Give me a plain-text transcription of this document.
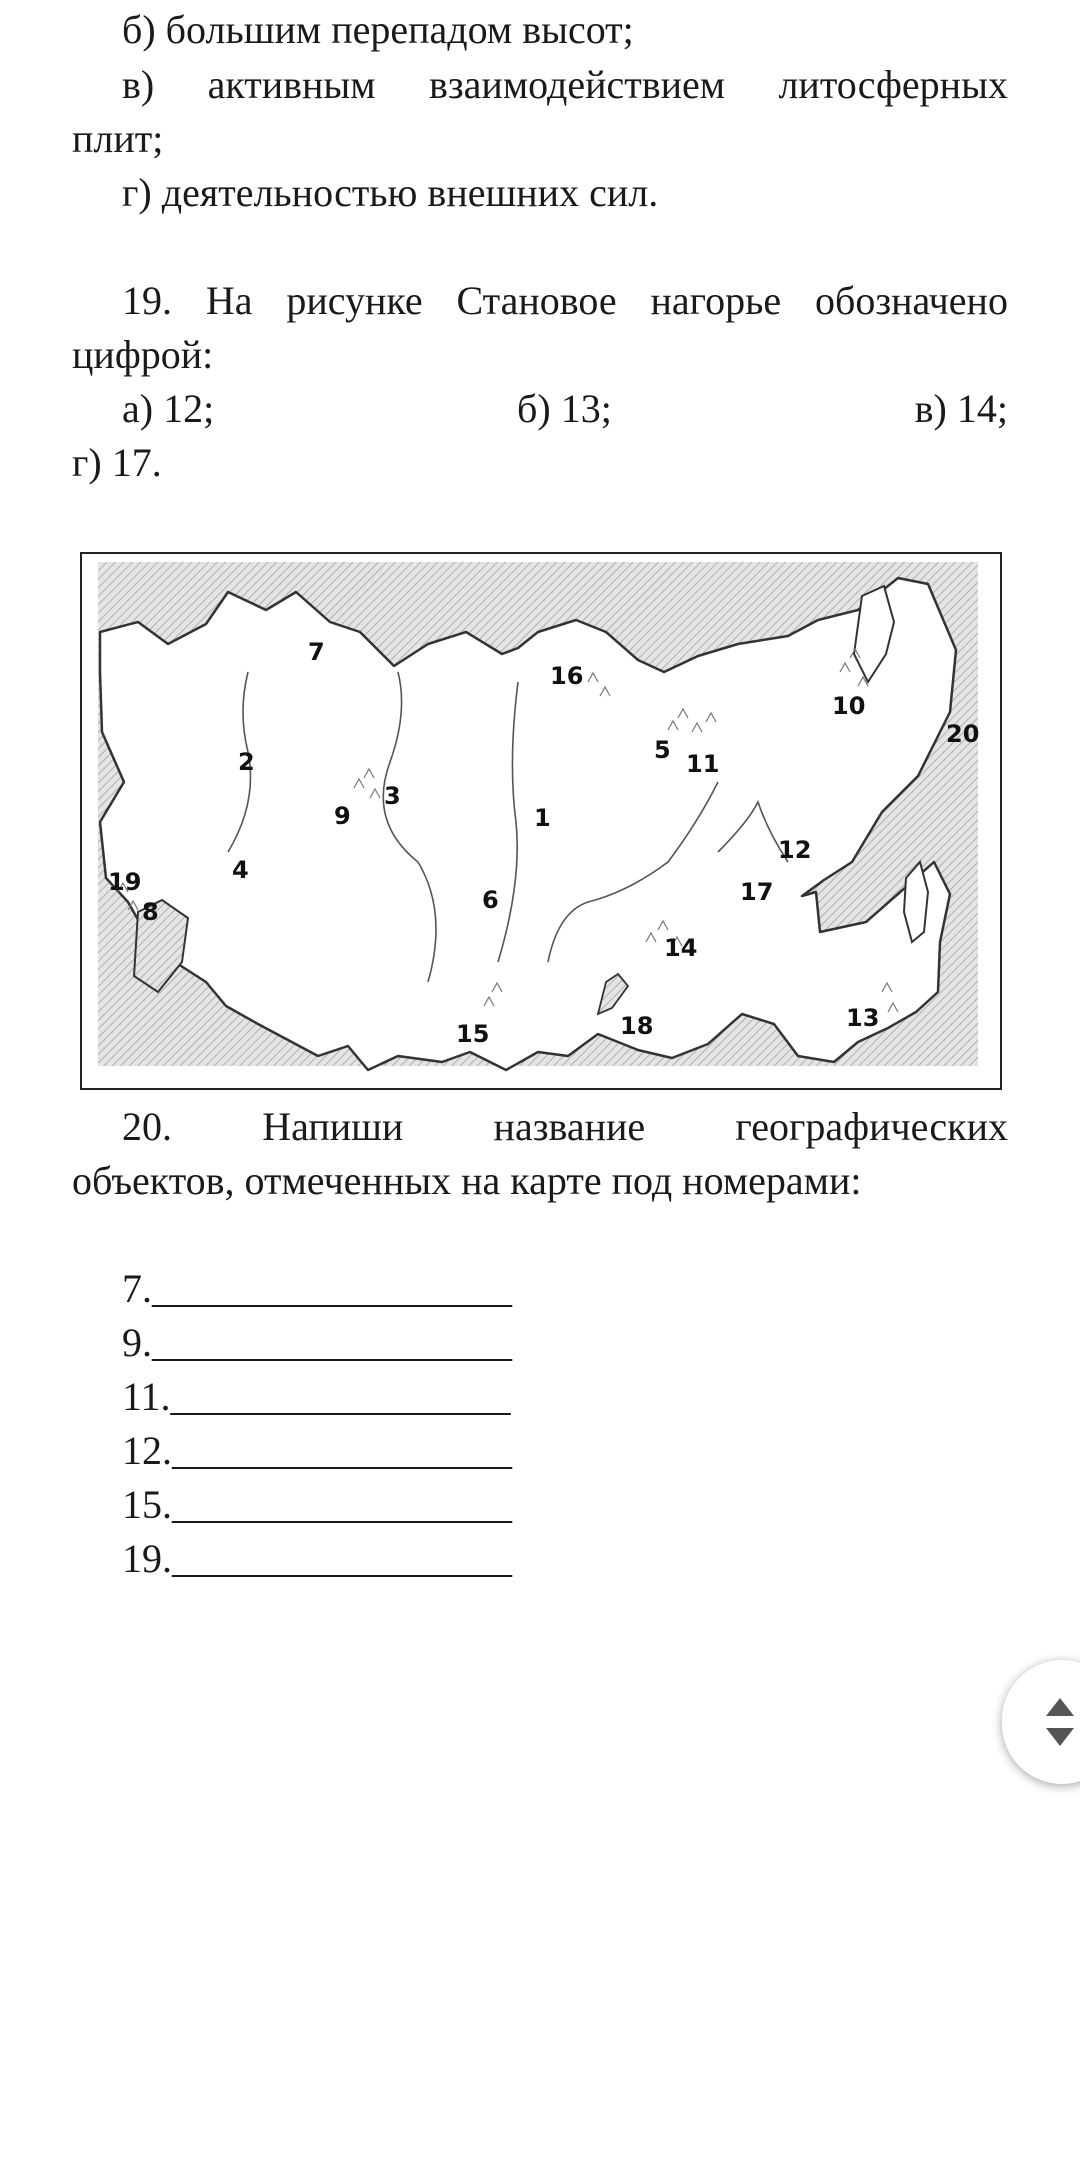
б) большим перепадом высот;
в) активным взаимодействием литосферных
плит;
г) деятельностью внешних сил.
19. На рисунке Становое нагорье обозначено
цифрой:
а) 12;	б) 13;	в) 14;
г) 17.
20. Напиши название географических
объектов, отмеченных на карте под номерами:
7.__________________
9.__________________
11._________________
12._________________
15._________________
19._________________
1
2
3
4
5
6
7
8
9
10
11
12
13
14
15
16
17
18
19
20
